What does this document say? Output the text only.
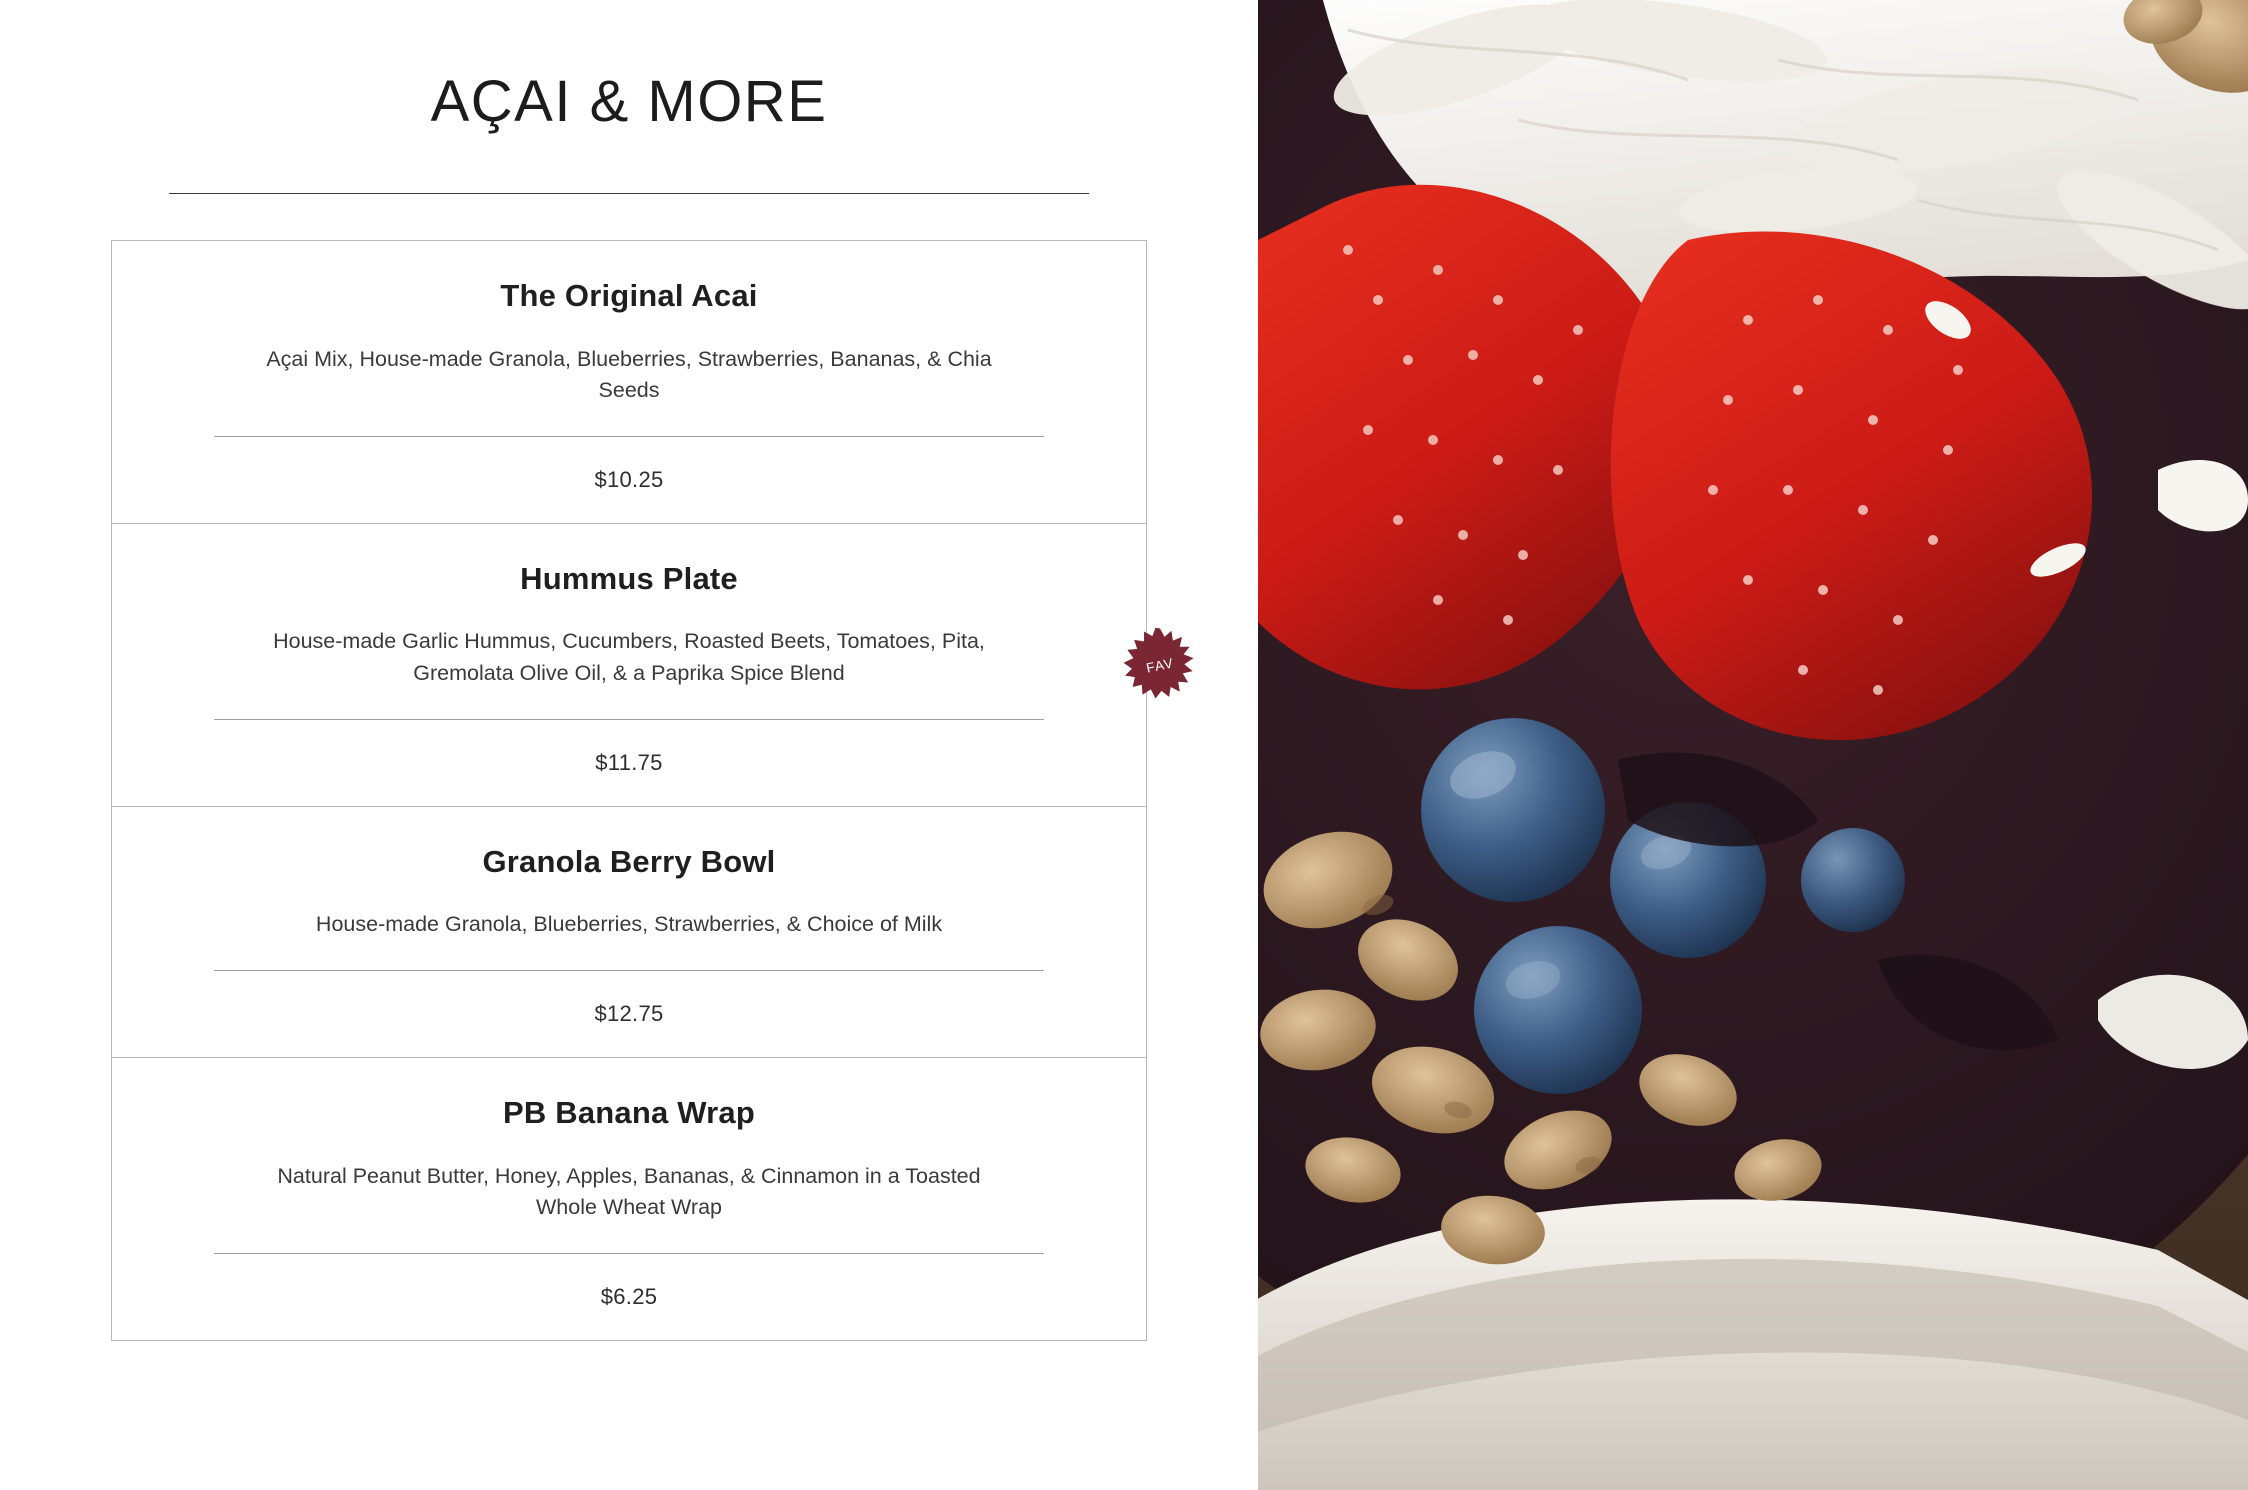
AÇAI & MORE
The Original Acai
Açai Mix, House-made Granola, Blueberries, Strawberries, Bananas, & Chia Seeds
$10.25
Hummus Plate
House-made Garlic Hummus, Cucumbers, Roasted Beets, Tomatoes, Pita, Gremolata Olive Oil, & a Paprika Spice Blend
$11.75
FAV
Granola Berry Bowl
House-made Granola, Blueberries, Strawberries, & Choice of Milk
$12.75
PB Banana Wrap
Natural Peanut Butter, Honey, Apples, Bananas, & Cinnamon in a Toasted Whole Wheat Wrap
$6.25
